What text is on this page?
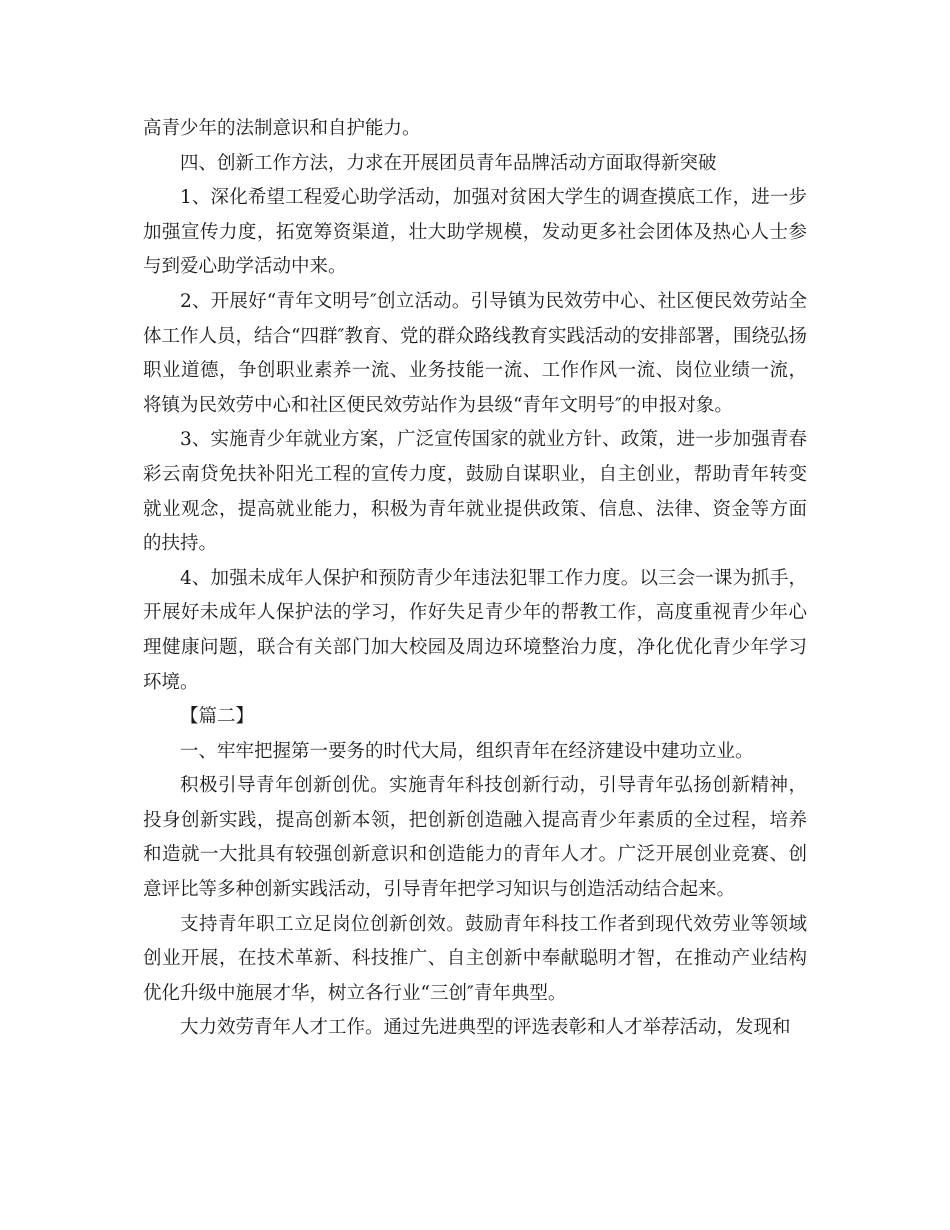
高青少年的法制意识和自护能力。

四、创新工作方法，力求在开展团员青年品牌活动方面取得新突破

1、深化希望工程爱心助学活动，加强对贫困大学生的调查摸底工作，进一步加强宣传力度，拓宽筹资渠道，壮大助学规模，发动更多社会团体及热心人士参与到爱心助学活动中来。

2、开展好“青年文明号″创立活动。引导镇为民效劳中心、社区便民效劳站全体工作人员，结合“四群″教育、党的群众路线教育实践活动的安排部署，围绕弘扬职业道德，争创职业素养一流、业务技能一流、工作作风一流、岗位业绩一流，将镇为民效劳中心和社区便民效劳站作为县级“青年文明号″的申报对象。

3、实施青少年就业方案，广泛宣传国家的就业方针、政策，进一步加强青春彩云南贷免扶补阳光工程的宣传力度，鼓励自谋职业，自主创业，帮助青年转变就业观念，提高就业能力，积极为青年就业提供政策、信息、法律、资金等方面的扶持。

4、加强未成年人保护和预防青少年违法犯罪工作力度。以三会一课为抓手，开展好未成年人保护法的学习，作好失足青少年的帮教工作，高度重视青少年心理健康问题，联合有关部门加大校园及周边环境整治力度，净化优化青少年学习环境。

【篇二】

一、牢牢把握第一要务的时代大局，组织青年在经济建设中建功立业。

积极引导青年创新创优。实施青年科技创新行动，引导青年弘扬创新精神，投身创新实践，提高创新本领，把创新创造融入提高青少年素质的全过程，培养和造就一大批具有较强创新意识和创造能力的青年人才。广泛开展创业竞赛、创意评比等多种创新实践活动，引导青年把学习知识与创造活动结合起来。

支持青年职工立足岗位创新创效。鼓励青年科技工作者到现代效劳业等领域创业开展，在技术革新、科技推广、自主创新中奉献聪明才智，在推动产业结构优化升级中施展才华，树立各行业“三创″青年典型。

大力效劳青年人才工作。通过先进典型的评选表彰和人才举荐活动，发现和
